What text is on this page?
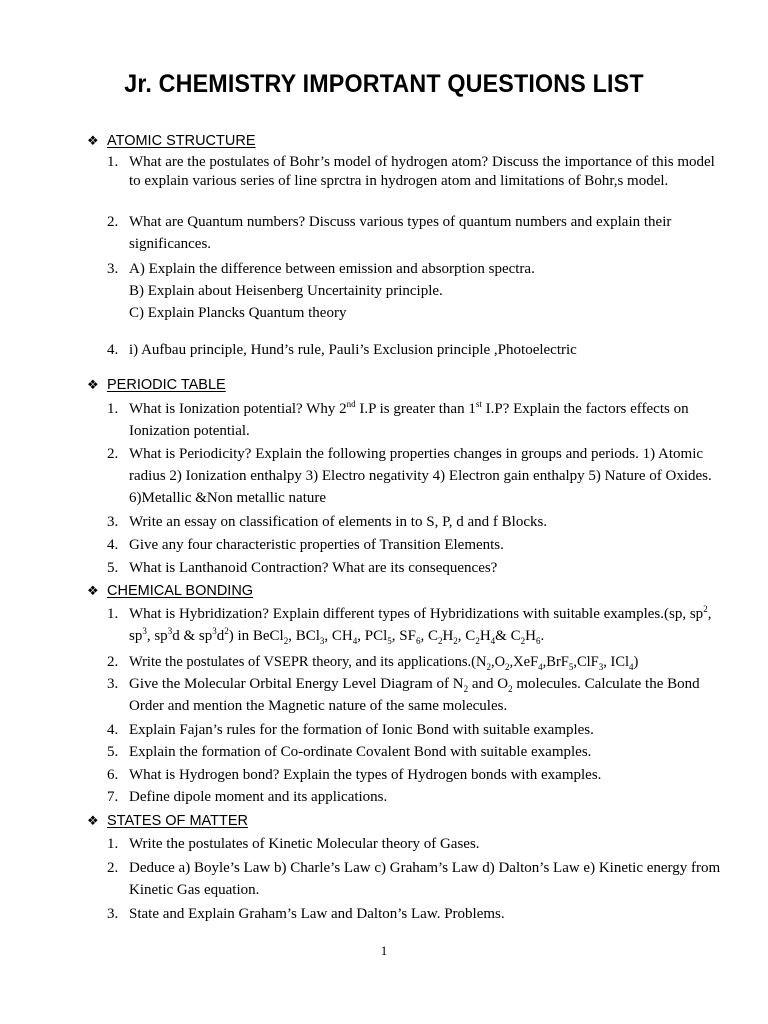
Jr. CHEMISTRY IMPORTANT QUESTIONS LIST
❖ ATOMIC STRUCTURE
1. What are the postulates of Bohr’s model of hydrogen atom? Discuss the importance of this model to explain various series of line sprctra in hydrogen atom and limitations of Bohr,s model.
2. What are Quantum numbers? Discuss various types of quantum numbers and explain their significances.
3. A) Explain the difference between emission and absorption spectra.
B) Explain about Heisenberg Uncertainity principle.
C) Explain Plancks Quantum theory
4. i) Aufbau principle, Hund’s rule, Pauli’s Exclusion principle ,Photoelectric
❖ PERIODIC TABLE
1. What is Ionization potential? Why 2nd I.P is greater than 1st I.P? Explain the factors effects on Ionization potential.
2. What is Periodicity? Explain the following properties changes in groups and periods. 1) Atomic radius 2) Ionization enthalpy 3) Electro negativity 4) Electron gain enthalpy 5) Nature of Oxides. 6)Metallic &Non metallic nature
3. Write an essay on classification of elements in to S, P, d and f Blocks.
4. Give any four characteristic properties of Transition Elements.
5. What is Lanthanoid Contraction? What are its consequences?
❖ CHEMICAL BONDING
1. What is Hybridization? Explain different types of Hybridizations with suitable examples.(sp, $sp^2$, $sp^3$, $sp^3d$ & $sp^3d^2$) in BeCl$_2$, BCl$_3$, $CH_4$, PCl$_5$, $SF_6$, $C_2H_2$, $C_2H_4\&$ $C_2H_6$.
2. Write the postulates of VSEPR theory, and its $applications.(N_2,O_2,XeF_4,BrF_5,ClF_3$, ICl$_4$)
3. Give the Molecular Orbital Energy Level Diagram of $N_2$ and $O_2$ molecules. Calculate the Bond Order and mention the Magnetic nature of the same molecules.
4. Explain Fajan’s rules for the formation of Ionic Bond with suitable examples.
5. Explain the formation of Co-ordinate Covalent Bond with suitable examples.
6. What is Hydrogen bond? Explain the types of Hydrogen bonds with examples.
7. Define dipole moment and its applications.
❖ STATES OF MATTER
1. Write the postulates of Kinetic Molecular theory of Gases.
2. Deduce a) Boyle’s Law b) Charle’s Law c) Graham’s Law d) Dalton’s Law e) Kinetic energy from Kinetic Gas equation.
3. State and Explain Graham’s Law and Dalton’s Law. Problems.
1
